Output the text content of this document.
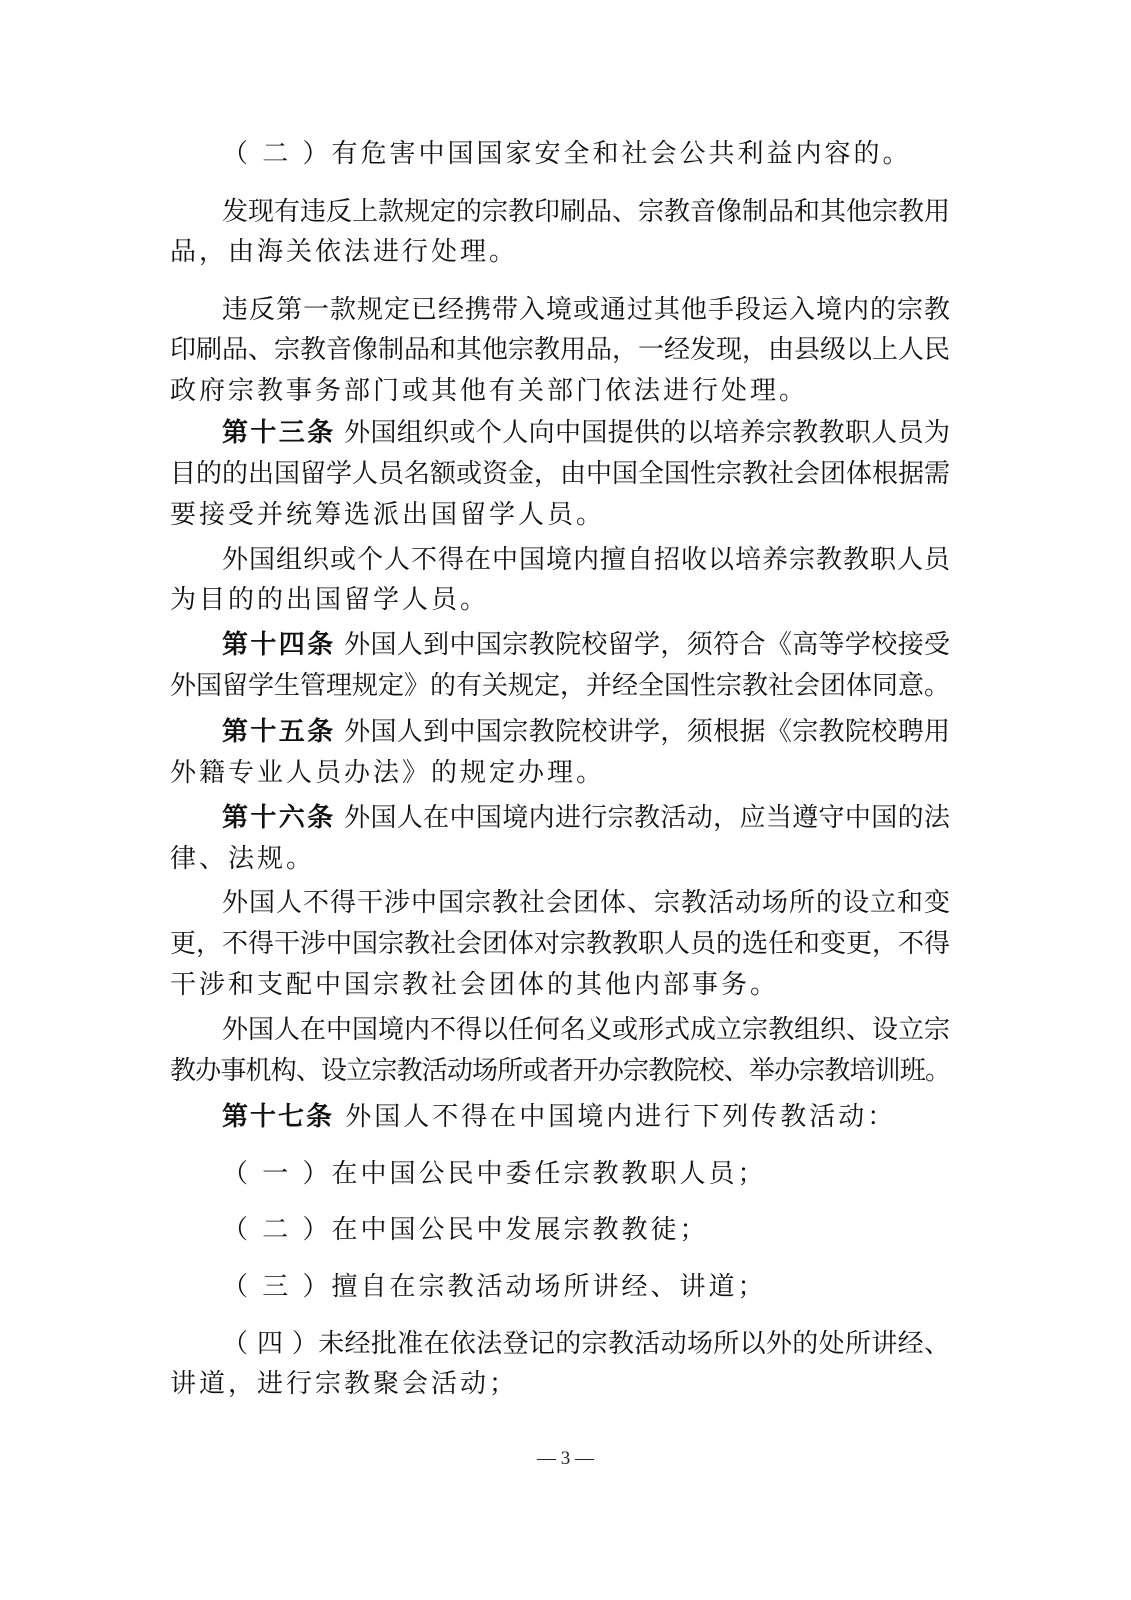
（ 二 ）有危害中国国家安全和社会公共利益内容的。
发现有违反上款规定的宗教印刷品、宗教音像制品和其他宗教用
品，由海关依法进行处理。
违反第一款规定已经携带入境或通过其他手段运入境内的宗教
印刷品、宗教音像制品和其他宗教用品，一经发现，由县级以上人民
政府宗教事务部门或其他有关部门依法进行处理。
第十三条 外国组织或个人向中国提供的以培养宗教教职人员为
目的的出国留学人员名额或资金，由中国全国性宗教社会团体根据需
要接受并统筹选派出国留学人员。
外国组织或个人不得在中国境内擅自招收以培养宗教教职人员
为目的的出国留学人员。
第十四条 外国人到中国宗教院校留学，须符合《高等学校接受
外国留学生管理规定》的有关规定，并经全国性宗教社会团体同意。
第十五条 外国人到中国宗教院校讲学，须根据《宗教院校聘用
外籍专业人员办法》的规定办理。
第十六条 外国人在中国境内进行宗教活动，应当遵守中国的法
律、法规。
外国人不得干涉中国宗教社会团体、宗教活动场所的设立和变
更，不得干涉中国宗教社会团体对宗教教职人员的选任和变更，不得
干涉和支配中国宗教社会团体的其他内部事务。
外国人在中国境内不得以任何名义或形式成立宗教组织、设立宗
教办事机构、设立宗教活动场所或者开办宗教院校、举办宗教培训班。
第十七条 外国人不得在中国境内进行下列传教活动：
（ 一 ）在中国公民中委任宗教教职人员；
（ 二 ）在中国公民中发展宗教教徒；
（ 三 ）擅自在宗教活动场所讲经、讲道；
（ 四 ）未经批准在依法登记的宗教活动场所以外的处所讲经、
讲道，进行宗教聚会活动；
— 3 —
